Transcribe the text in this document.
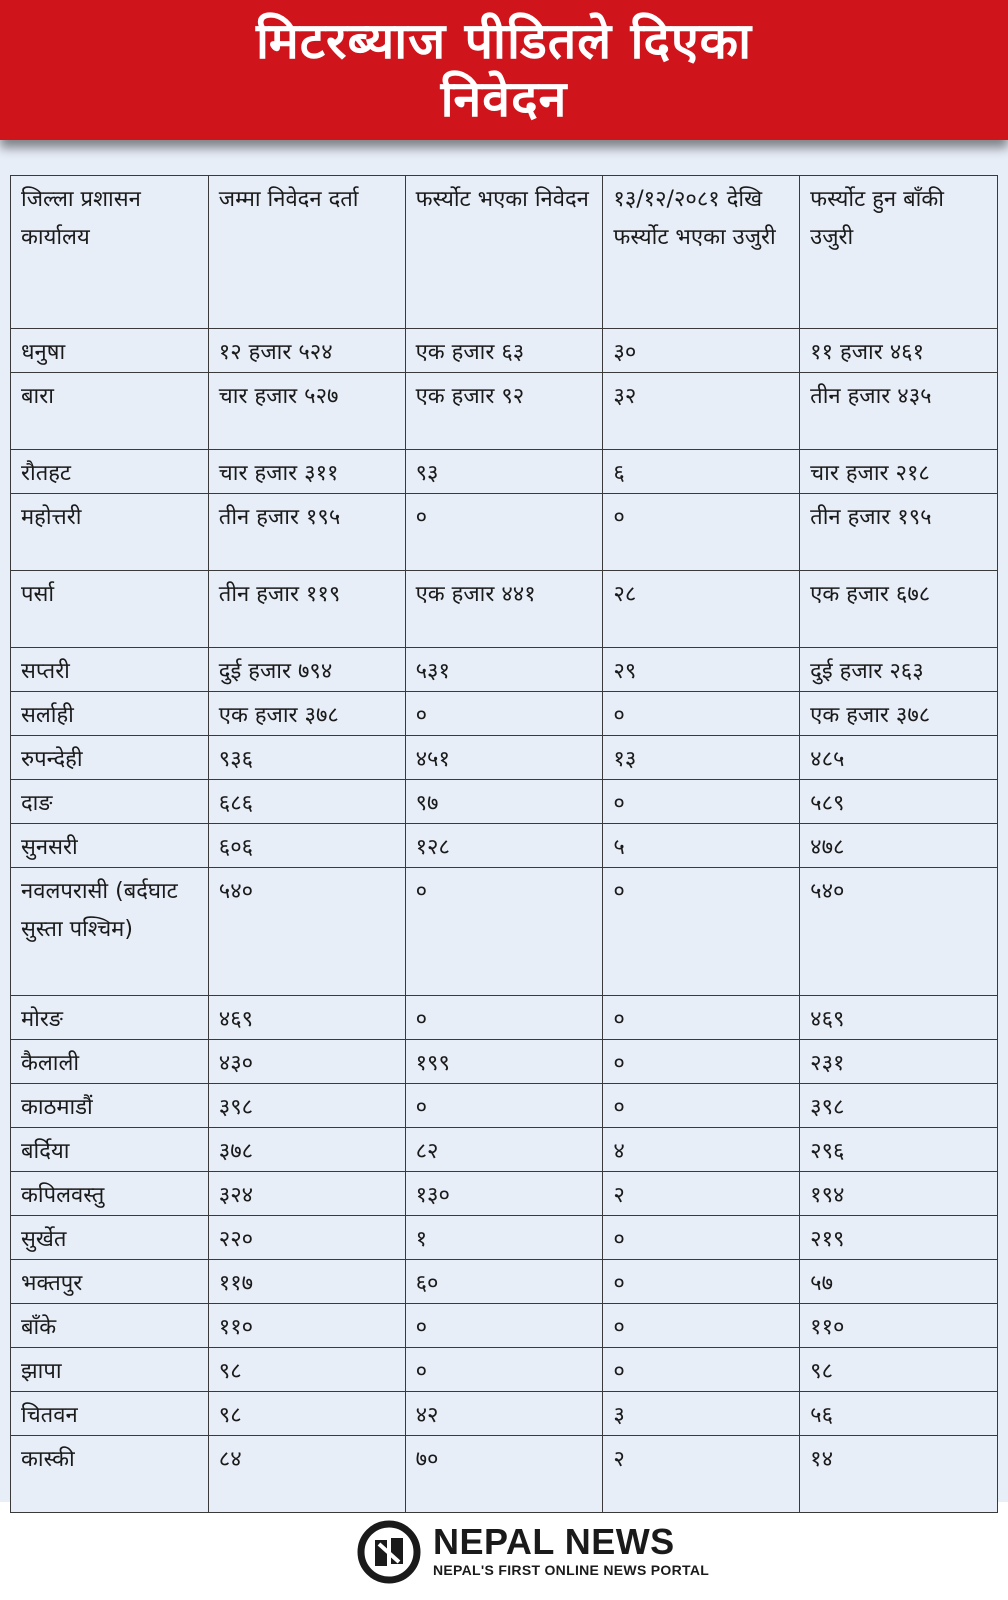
मिटरब्याज पीडितले दिएका
निवेदन
जिल्ला प्रशासन कार्यालय	जम्मा निवेदन दर्ता	फर्स्योट भएका निवेदन	१३/१२/२०८१ देखि फर्स्योट भएका उजुरी	फर्स्योट हुन बाँकी उजुरी
धनुषा	१२ हजार ५२४	एक हजार ६३	३०	११ हजार ४६१
बारा	चार हजार ५२७	एक हजार ९२	३२	तीन हजार ४३५
रौतहट	चार हजार ३११	९३	६	चार हजार २१८
महोत्तरी	तीन हजार १९५	०	०	तीन हजार १९५
पर्सा	तीन हजार ११९	एक हजार ४४१	२८	एक हजार ६७८
सप्तरी	दुई हजार ७९४	५३१	२९	दुई हजार २६३
सर्लाही	एक हजार ३७८	०	०	एक हजार ३७८
रुपन्देही	९३६	४५१	१३	४८५
दाङ	६८६	९७	०	५८९
सुनसरी	६०६	१२८	५	४७८
नवलपरासी (बर्दघाट सुस्ता पश्चिम)	५४०	०	०	५४०
मोरङ	४६९	०	०	४६९
कैलाली	४३०	१९९	०	२३१
काठमाडौं	३९८	०	०	३९८
बर्दिया	३७८	८२	४	२९६
कपिलवस्तु	३२४	१३०	२	१९४
सुर्खेत	२२०	१	०	२१९
भक्तपुर	११७	६०	०	५७
बाँके	११०	०	०	११०
झापा	९८	०	०	९८
चितवन	९८	४२	३	५६
कास्की	८४	७०	२	१४
NEPAL NEWS
NEPAL'S FIRST ONLINE NEWS PORTAL
